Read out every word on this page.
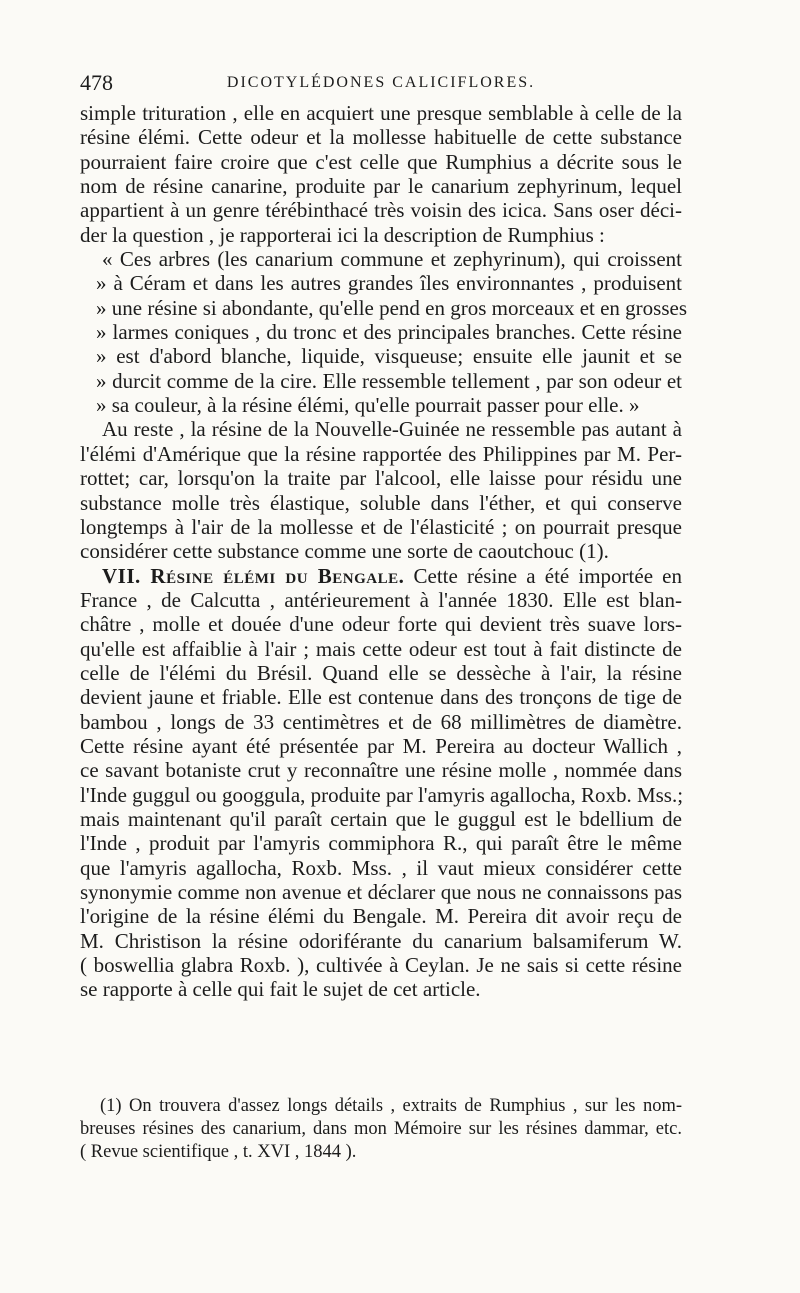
478	DICOTYLÉDONES CALICIFLORES.
simple trituration , elle en acquiert une presque semblable à celle de la
résine élémi. Cette odeur et la mollesse habituelle de cette substance
pourraient faire croire que c'est celle que Rumphius a décrite sous le
nom de résine canarine, produite par le canarium zephyrinum, lequel
appartient à un genre térébinthacé très voisin des icica. Sans oser déci-
der la question , je rapporterai ici la description de Rumphius :
« Ces arbres (les canarium commune et zephyrinum), qui croissent
» à Céram et dans les autres grandes îles environnantes , produisent
» une résine si abondante, qu'elle pend en gros morceaux et en grosses
» larmes coniques , du tronc et des principales branches. Cette résine
» est d'abord blanche, liquide, visqueuse; ensuite elle jaunit et se
» durcit comme de la cire. Elle ressemble tellement , par son odeur et
» sa couleur, à la résine élémi, qu'elle pourrait passer pour elle. »
Au reste , la résine de la Nouvelle-Guinée ne ressemble pas autant à
l'élémi d'Amérique que la résine rapportée des Philippines par M. Per-
rottet; car, lorsqu'on la traite par l'alcool, elle laisse pour résidu une
substance molle très élastique, soluble dans l'éther, et qui conserve
longtemps à l'air de la mollesse et de l'élasticité ; on pourrait presque
considérer cette substance comme une sorte de caoutchouc (1).
VII. Résine élémi du Bengale. Cette résine a été importée en
France , de Calcutta , antérieurement à l'année 1830. Elle est blan-
châtre , molle et douée d'une odeur forte qui devient très suave lors-
qu'elle est affaiblie à l'air ; mais cette odeur est tout à fait distincte de
celle de l'élémi du Brésil. Quand elle se dessèche à l'air, la résine
devient jaune et friable. Elle est contenue dans des tronçons de tige de
bambou , longs de 33 centimètres et de 68 millimètres de diamètre.
Cette résine ayant été présentée par M. Pereira au docteur Wallich ,
ce savant botaniste crut y reconnaître une résine molle , nommée dans
l'Inde guggul ou googgula, produite par l'amyris agallocha, Roxb. Mss.;
mais maintenant qu'il paraît certain que le guggul est le bdellium de
l'Inde , produit par l'amyris commiphora R., qui paraît être le même
que l'amyris agallocha, Roxb. Mss. , il vaut mieux considérer cette
synonymie comme non avenue et déclarer que nous ne connaissons pas
l'origine de la résine élémi du Bengale. M. Pereira dit avoir reçu de
M. Christison la résine odoriférante du canarium balsamiferum W.
( boswellia glabra Roxb. ), cultivée à Ceylan. Je ne sais si cette résine
se rapporte à celle qui fait le sujet de cet article.
(1) On trouvera d'assez longs détails , extraits de Rumphius , sur les nom-
breuses résines des canarium, dans mon Mémoire sur les résines dammar, etc.
( Revue scientifique , t. XVI , 1844 ).
